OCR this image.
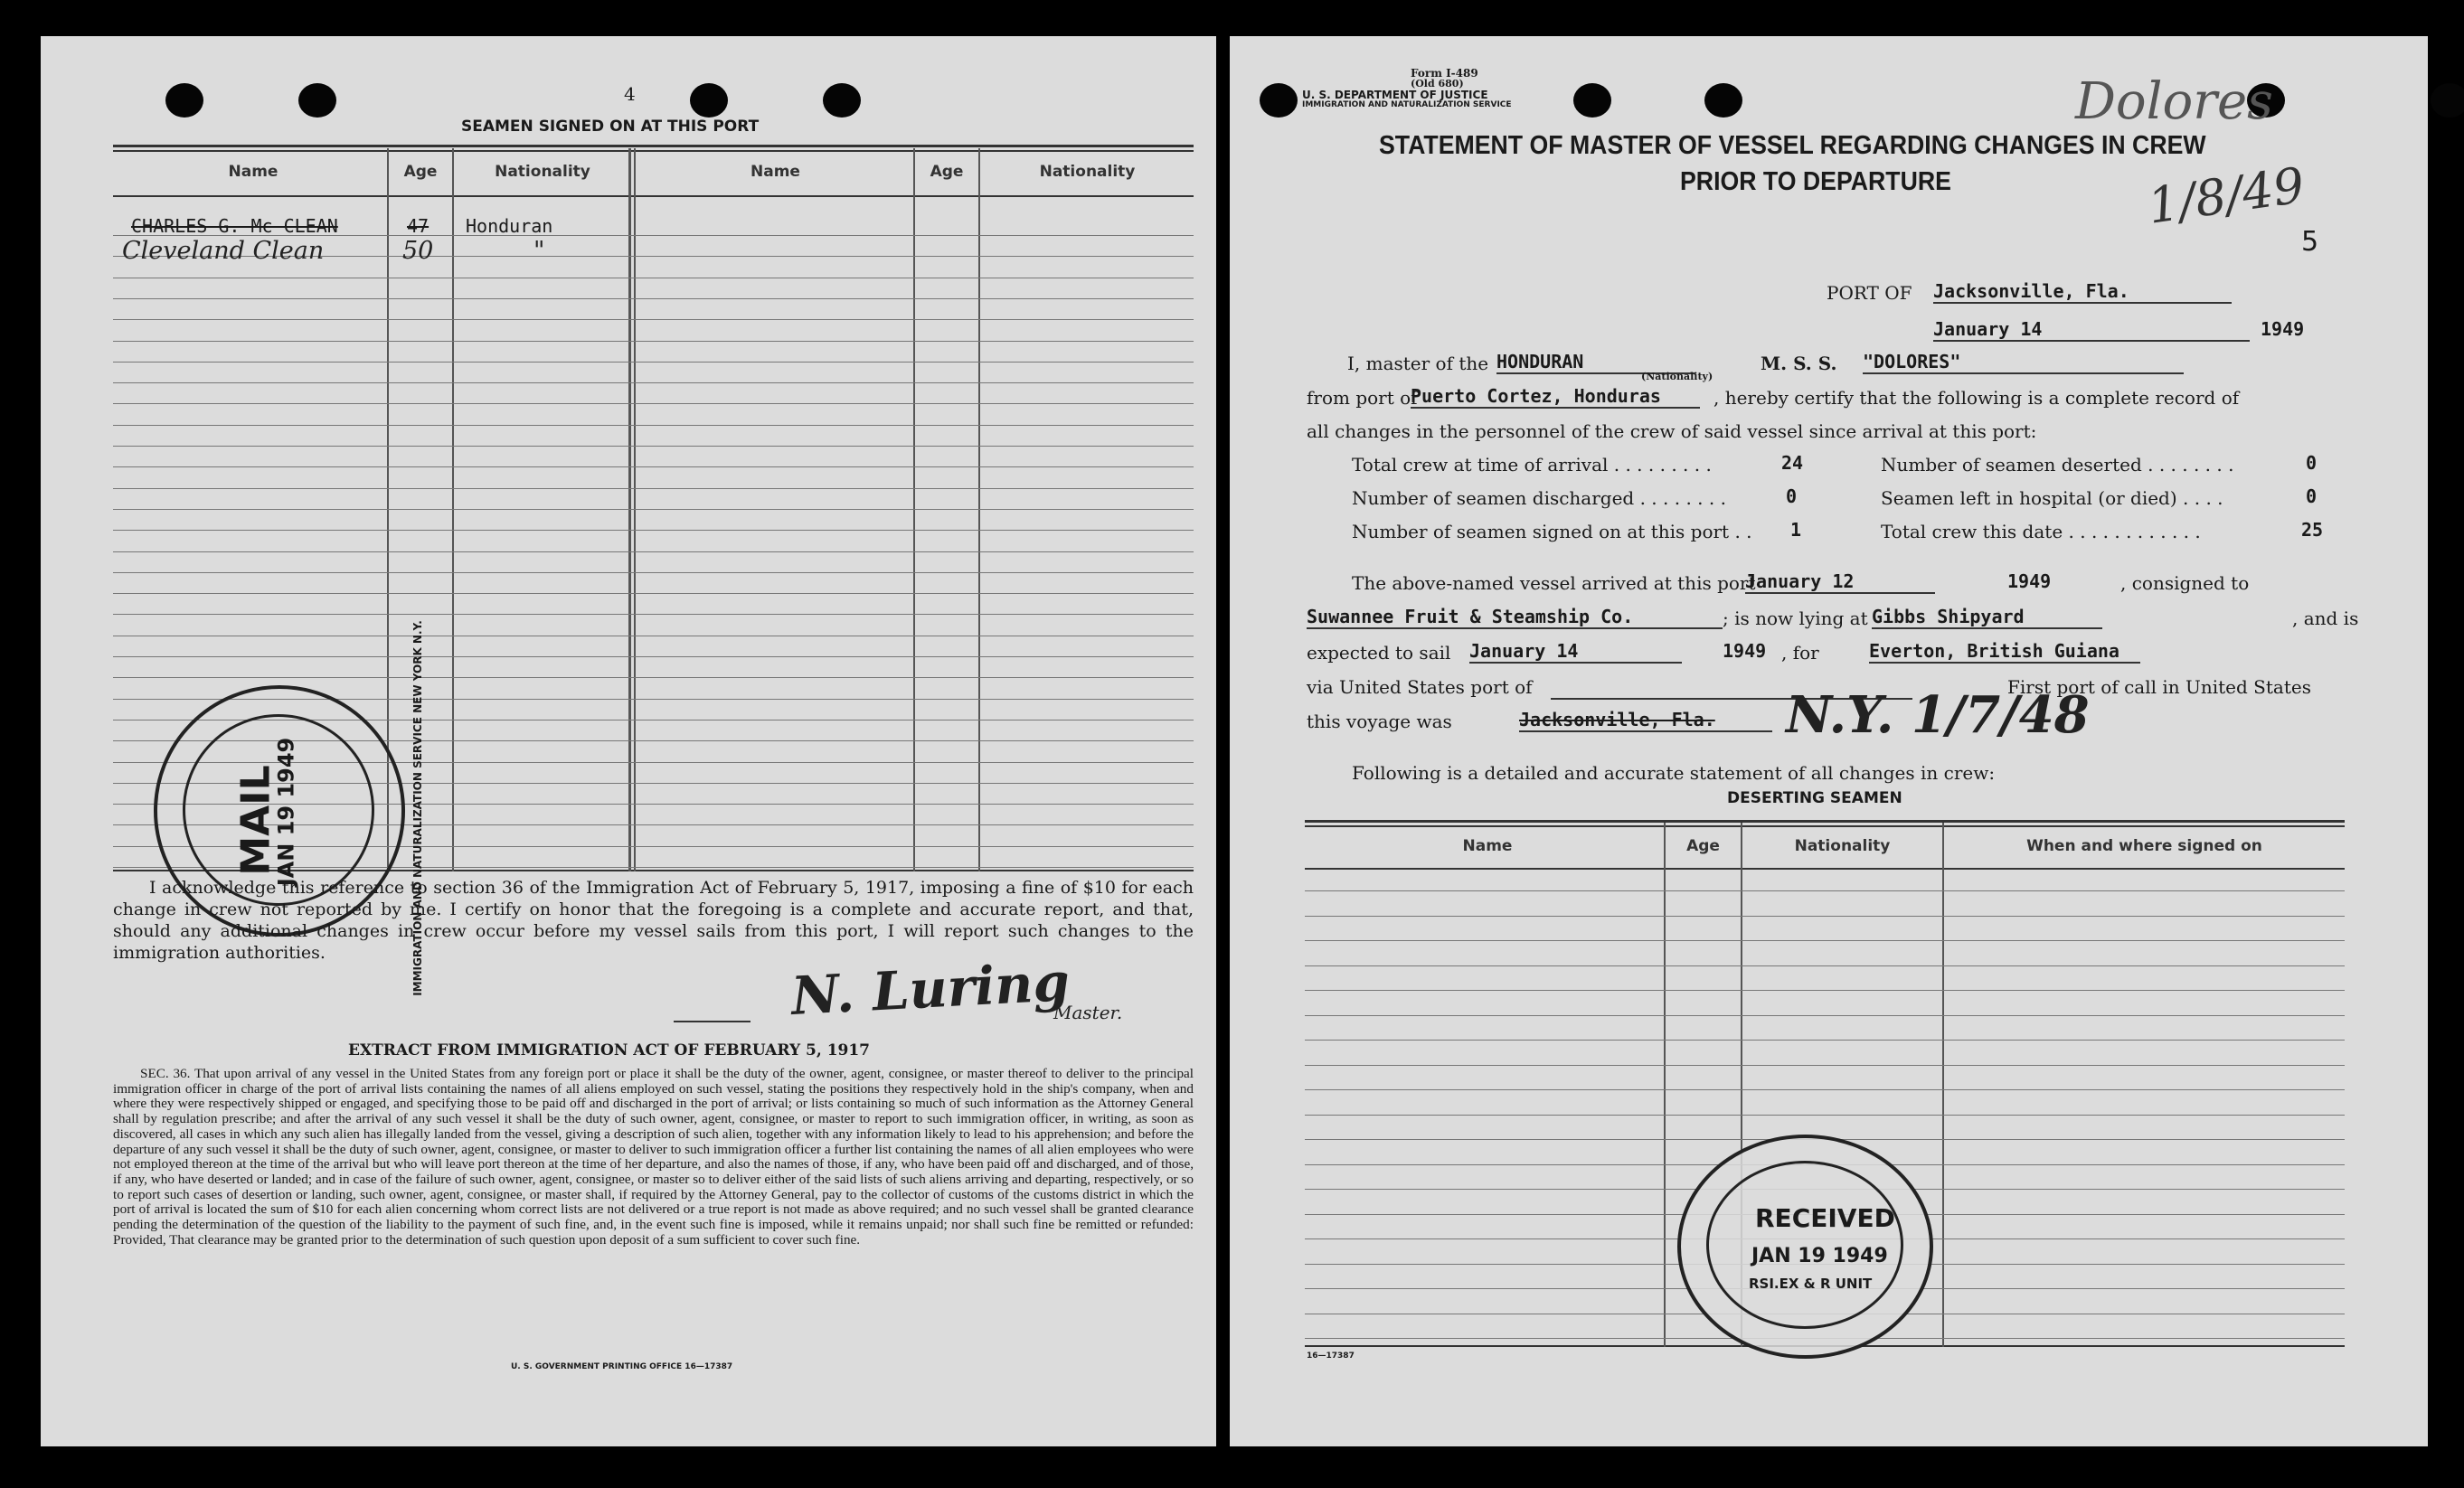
4
SEAMEN SIGNED ON AT THIS PORT
Name	Age	Nationality	Name	Age	Nationality
CHARLES G. Mc CLEAN	47 Honduran
Cleveland Clean	50	"
MAIL
JAN 19 1949	IMMIGRATION AND NATURALIZATION SERVICE NEW YORK N.Y.
I acknowledge this reference to section 36 of the Immigration Act of February 5, 1917, imposing a fine of $10 for each change in crew not reported by me. I certify on honor that the foregoing is a complete and accurate report, and that, should any additional changes in crew occur before my vessel sails from this port, I will report such changes to the immigration authorities.	N. Luring
Master.
EXTRACT FROM IMMIGRATION ACT OF FEBRUARY 5, 1917
SEC. 36. That upon arrival of any vessel in the United States from any foreign port or place it shall be the duty of the owner, agent, consignee, or master thereof to deliver to the principal immigration officer in charge of the port of arrival lists containing the names of all aliens employed on such vessel, stating the positions they respectively hold in the ship's company, when and where they were respectively shipped or engaged, and specifying those to be paid off and discharged in the port of arrival; or lists containing so much of such information as the Attorney General shall by regulation prescribe; and after the arrival of any such vessel it shall be the duty of such owner, agent, consignee, or master to report to such immigration officer, in writing, as soon as discovered, all cases in which any such alien has illegally landed from the vessel, giving a description of such alien, together with any information likely to lead to his apprehension; and before the departure of any such vessel it shall be the duty of such owner, agent, consignee, or master to deliver to such immigration officer a further list containing the names of all alien employees who were not employed thereon at the time of the arrival but who will leave port thereon at the time of her departure, and also the names of those, if any, who have been paid off and discharged, and of those, if any, who have deserted or landed; and in case of the failure of such owner, agent, consignee, or master so to deliver either of the said lists of such aliens arriving and departing, respectively, or so to report such cases of desertion or landing, such owner, agent, consignee, or master shall, if required by the Attorney General, pay to the collector of customs of the customs district in which the port of arrival is located the sum of $10 for each alien concerning whom correct lists are not delivered or a true report is not made as above required; and no such vessel shall be granted clearance pending the determination of the question of the liability to the payment of such fine, and, in the event such fine is imposed, while it remains unpaid; nor shall such fine be remitted or refunded: Provided, That clearance may be granted prior to the determination of such question upon deposit of a sum sufficient to cover such fine.
U. S. GOVERNMENT PRINTING OFFICE 16—17387
Form I-489
(Old 680)
U. S. DEPARTMENT OF JUSTICE
IMMIGRATION AND NATURALIZATION SERVICE	Dolores
1/8/49
5
STATEMENT OF MASTER OF VESSEL REGARDING CHANGES IN CREW
PRIOR TO DEPARTURE
PORT OF Jacksonville, Fla.
January 14	1949
I, master of the HONDURAN
(Nationality)
M. S. S. "DOLORES"
from port of
Puerto Cortez, Honduras	, hereby certify that the following is a complete record of
all changes in the personnel of the crew of said vessel since arrival at this port:
Total crew at time of arrival . . . . . . . . .	24	Number of seamen deserted . . . . . . . .	0
Number of seamen discharged . . . . . . . .	0	Seamen left in hospital (or died) . . . .	0
Number of seamen signed on at this port . . 1	Total crew this date . . . . . . . . . . . .	25
The above-named vessel arrived at this port
January 12	1949	, consigned to
Suwannee Fruit & Steamship Co.	; is now lying at Gibbs Shipyard	, and is
expected to sail January 14	1949 , for	Everton, British Guiana
via United States port of	First port of call in United States
this voyage was	Jacksonville, Fla.	N.Y. 1/7/48
Following is a detailed and accurate statement of all changes in crew:
DESERTING SEAMEN
Name	Age	Nationality	When and where signed on
RECEIVED
JAN 19 1949
RSI.EX & R UNIT
16—17387
